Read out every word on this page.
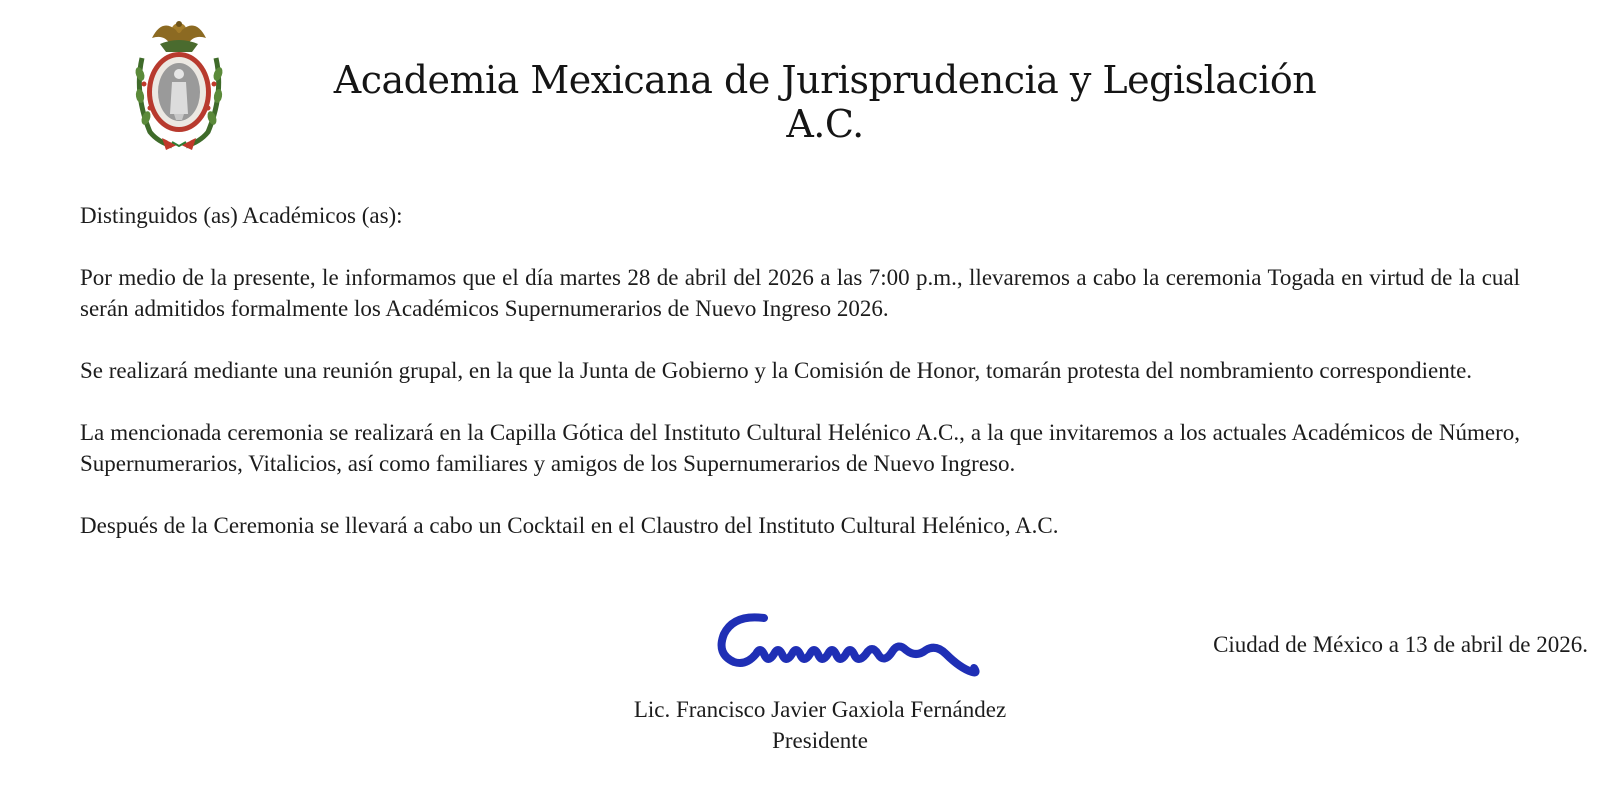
Academia Mexicana de Jurisprudencia y Legislación A.C.

Distinguidos (as) Académicos (as):

Por medio de la presente, le informamos que el día martes 28 de abril del 2026 a las 7:00 p.m., llevaremos a cabo la ceremonia Togada en virtud de la cual serán admitidos formalmente los Académicos Supernumerarios de Nuevo Ingreso 2026.

Se realizará mediante una reunión grupal, en la que la Junta de Gobierno y la Comisión de Honor, tomarán protesta del nombramiento correspondiente.

La mencionada ceremonia se realizará en la Capilla Gótica del Instituto Cultural Helénico A.C., a la que invitaremos a los actuales Académicos de Número, Supernumerarios, Vitalicios, así como familiares y amigos de los Supernumerarios de Nuevo Ingreso.

Después de la Ceremonia se llevará a cabo un Cocktail en el Claustro del Instituto Cultural Helénico, A.C.

Lic. Francisco Javier Gaxiola Fernández
Presidente
Ciudad de México a 13 de abril de 2026.
